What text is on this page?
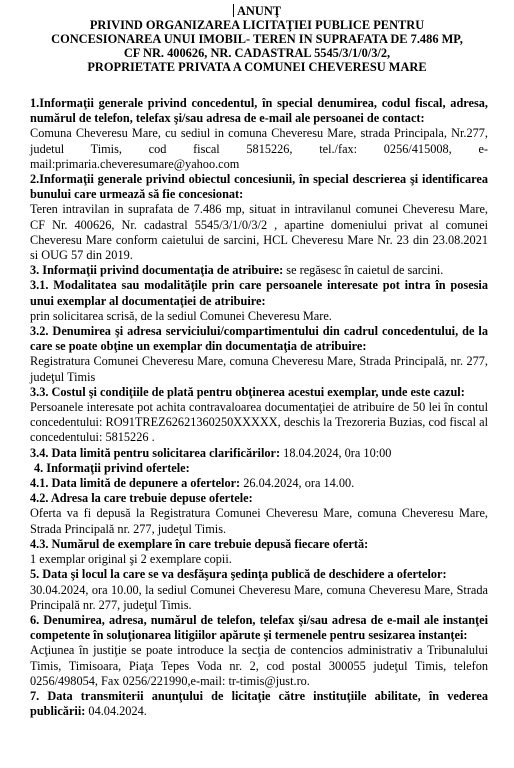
ANUNŢ
PRIVIND ORGANIZAREA LICITAŢIEI PUBLICE PENTRU
CONCESIONAREA UNUI IMOBIL- TEREN IN SUPRAFATA DE 7.486 MP,
CF NR. 400626, NR. CADASTRAL 5545/3/1/0/3/2,
PROPRIETATE PRIVATA A COMUNEI CHEVERESU MARE

1.Informaţii generale privind concedentul, în special denumirea, codul fiscal, adresa, numărul de telefon, telefax şi/sau adresa de e-mail ale persoanei de contact:

Comuna Cheveresu Mare, cu sediul in comuna Cheveresu Mare, strada Principala, Nr.277, judetul Timis, cod fiscal 5815226, tel./fax: 0256/415008, e-mail:primaria.cheveresumare@yahoo.com

2.Informaţii generale privind obiectul concesiunii, în special descrierea şi identificarea bunului care urmează să fie concesionat:

Teren intravilan in suprafata de 7.486 mp, situat in intravilanul comunei Cheveresu Mare, CF Nr. 400626, Nr. cadastral 5545/3/1/0/3/2 , apartine domeniului privat al comunei Cheveresu Mare conform caietului de sarcini, HCL Cheveresu Mare Nr. 23 din 23.08.2021 si OUG 57 din 2019.

3. Informaţii privind documentaţia de atribuire: se regăsesc în caietul de sarcini.

3.1. Modalitatea sau modalităţile prin care persoanele interesate pot intra în posesia unui exemplar al documentaţiei de atribuire:

prin solicitarea scrisă, de la sediul Comunei Cheveresu Mare.

3.2. Denumirea şi adresa serviciului/compartimentului din cadrul concedentului, de la care se poate obţine un exemplar din documentaţia de atribuire:

Registratura Comunei Cheveresu Mare, comuna Cheveresu Mare, Strada Principală, nr. 277, judeţul Timis

3.3. Costul şi condiţiile de plată pentru obţinerea acestui exemplar, unde este cazul:

Persoanele interesate pot achita contravaloarea documentaţiei de atribuire de 50 lei în contul concedentului: RO91TREZ62621360250XXXXX, deschis la Trezoreria Buzias, cod fiscal al concedentului: 5815226 .

3.4. Data limită pentru solicitarea clarificărilor: 18.04.2024, 0ra 10:00

4. Informaţii privind ofertele:

4.1. Data limită de depunere a ofertelor: 26.04.2024, ora 14.00.

4.2. Adresa la care trebuie depuse ofertele:

Oferta va fi depusă la Registratura Comunei Cheveresu Mare, comuna Cheveresu Mare, Strada Principală nr. 277, judeţul Timis.

4.3. Numărul de exemplare în care trebuie depusă fiecare ofertă:

1 exemplar original şi 2 exemplare copii.

5. Data şi locul la care se va desfăşura şedinţa publică de deschidere a ofertelor:

30.04.2024, ora 10.00, la sediul Comunei Cheveresu Mare, comuna Cheveresu Mare, Strada Principală nr. 277, judeţul Timis.

6. Denumirea, adresa, numărul de telefon, telefax şi/sau adresa de e-mail ale instanţei competente în soluţionarea litigiilor apărute şi termenele pentru sesizarea instanţei:

Acţiunea în justiţie se poate introduce la secţia de contencios administrativ a Tribunalului Timis, Timisoara, Piaţa Tepes Voda nr. 2, cod postal 300055 judeţul Timis, telefon 0256/498054, Fax 0256/221990,e-mail: tr-timis@just.ro.

7. Data transmiterii anunţului de licitaţie către instituţiile abilitate, în vederea publicării: 04.04.2024.
